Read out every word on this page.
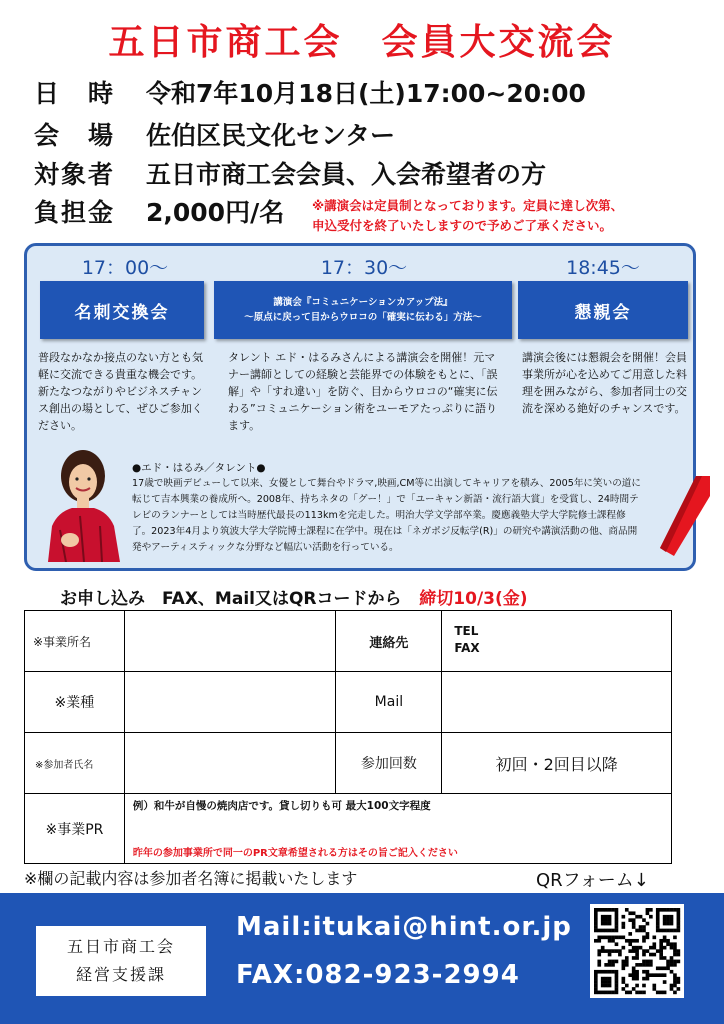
五日市商工会　会員大交流会
日　時 令和7年10月18日(土)17:00~20:00
会　場 佐伯区民文化センター
対象者 五日市商工会会員、入会希望者の方
負担金 2,000円/名 ※講演会は定員制となっております。定員に達し次第、
申込受付を終了いたしますので予めご了承ください。
17：00～	17：30～	18:45～
名刺交換会	講演会『コミュニケーションカアップ法』
～原点に戻って目からウロコの「確実に伝わる」方法～	懇親会
普段なかなか接点のない方とも気軽に交流できる貴重な機会です。新たなつながりやビジネスチャンス創出の場として、ぜひご参加ください。
タレント エド・はるみさんによる講演会を開催！元マナー講師としての経験と芸能界での体験をもとに、「誤解」や「すれ違い」を防ぐ、目からウロコの“確実に伝わる”コミュニケーション術をユーモアたっぷりに語ります。
講演会後には懇親会を開催！会員事業所が心を込めてご用意した料理を囲みながら、参加者同士の交流を深める絶好のチャンスです。
●エド・はるみ／タレント●
17歳で映画デビューして以来、女優として舞台やドラマ,映画,CM等に出演してキャリアを積み、2005年に笑いの道に転じて吉本興業の養成所へ。2008年、持ちネタの「グー！」で「ユーキャン新語・流行語大賞」を受賞し、24時間テレビのランナーとしては当時歴代最長の113kmを完走した。明治大学文学部卒業。慶應義塾大学大学院修士課程修了。2023年4月より筑波大学大学院博士課程に在学中。現在は「ネガポジ反転学(R)」の研究や講演活動の他、商品開発やアーティスティックな分野など幅広い活動を行っている。
お申し込み　FAX、Mail又はQRコードから 締切10/3(金)
※事業所名		連絡先	TEL
FAX

※業種		Mail	
※参加者氏名		参加回数	初回・2回目以降
※事業PR	例）和牛が自慢の焼肉店です。貸し切りも可 最大100文字程度
昨年の参加事業所で同一のPR文章希望される方はその旨ご記入ください		
※欄の記載内容は参加者名簿に掲載いたします	QRフォーム↓
五日市商工会
経営支援課
Mail:itukai@hint.or.jp
FAX:082-923-2994
